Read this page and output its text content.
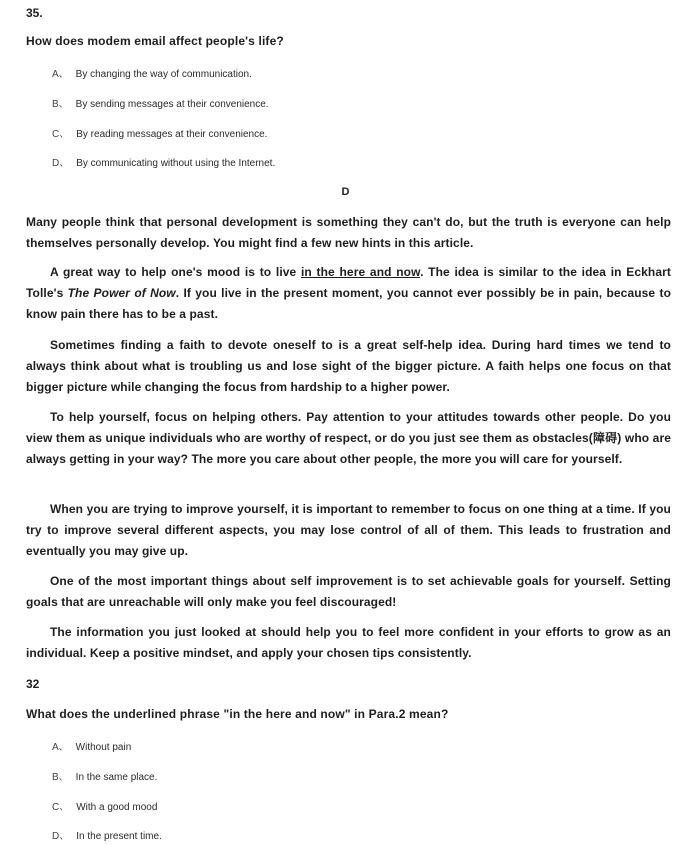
35.
How does modem email affect people's life?
A、 By changing the way of communication.
B、 By sending messages at their convenience.
C、 By reading messages at their convenience.
D、 By communicating without using the Internet.
D

Many people think that personal development is something they can't do, but the truth is everyone can help themselves personally develop. You might find a few new hints in this article.

A great way to help one's mood is to live in the here and now. The idea is similar to the idea in Eckhart Tolle's The Power of Now. If you live in the present moment, you cannot ever possibly be in pain, because to know pain there has to be a past.

Sometimes finding a faith to devote oneself to is a great self-help idea. During hard times we tend to always think about what is troubling us and lose sight of the bigger picture. A faith helps one focus on that bigger picture while changing the focus from hardship to a higher power.

To help yourself, focus on helping others. Pay attention to your attitudes towards other people. Do you view them as unique individuals who are worthy of respect, or do you just see them as obstacles(障碍) who are always getting in your way? The more you care about other people, the more you will care for yourself.

When you are trying to improve yourself, it is important to remember to focus on one thing at a time. If you try to improve several different aspects, you may lose control of all of them. This leads to frustration and eventually you may give up.

One of the most important things about self improvement is to set achievable goals for yourself. Setting goals that are unreachable will only make you feel discouraged!

The information you just looked at should help you to feel more confident in your efforts to grow as an individual. Keep a positive mindset, and apply your chosen tips consistently.

32
What does the underlined phrase "in the here and now" in Para.2 mean?
A、 Without pain
B、 In the same place.
C、 With a good mood
D、 In the present time.
